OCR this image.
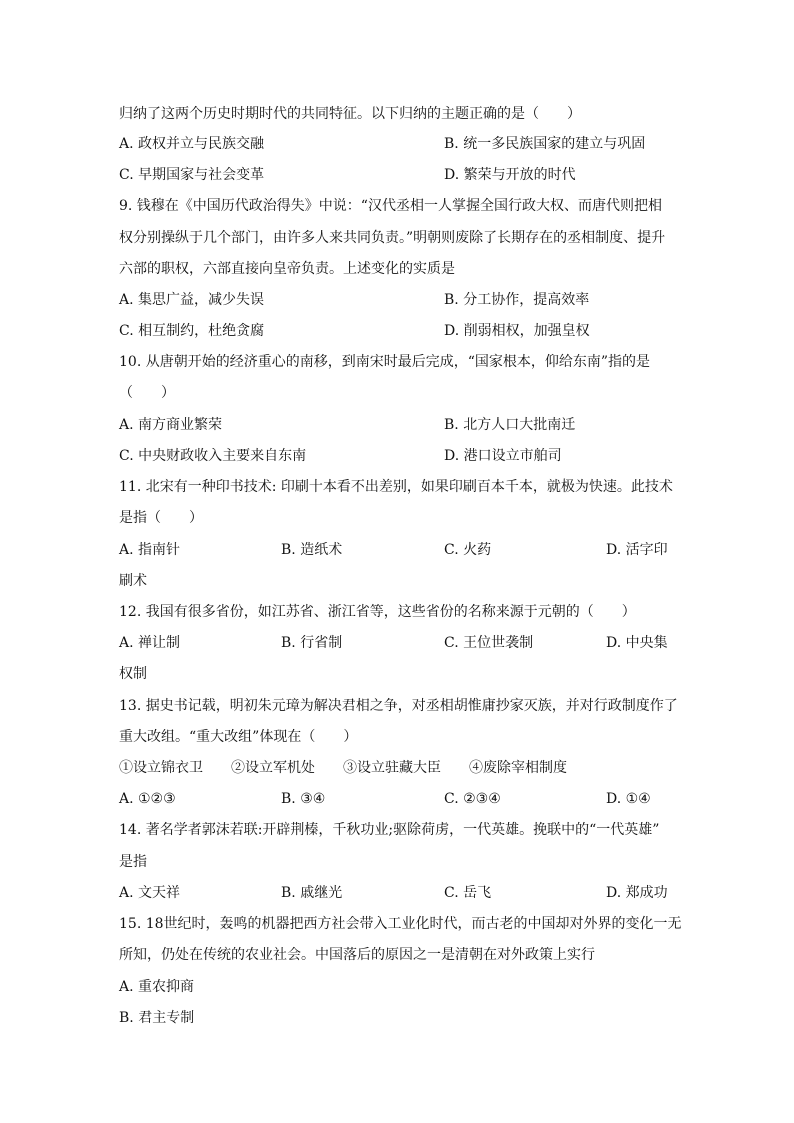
归纳了这两个历史时期时代的共同特征。以下归纳的主题正确的是（　　）
A. 政权并立与民族交融	B. 统一多民族国家的建立与巩固
C. 早期国家与社会变革	D. 繁荣与开放的时代
9. 钱穆在《中国历代政治得失》中说：“汉代丞相一人掌握全国行政大权、而唐代则把相
权分别操纵于几个部门，由许多人来共同负责。”明朝则废除了长期存在的丞相制度、提升
六部的职权，六部直接向皇帝负责。上述变化的实质是
A. 集思广益，减少失误	B. 分工协作，提高效率
C. 相互制约，杜绝贪腐	D. 削弱相权，加强皇权
10. 从唐朝开始的经济重心的南移，到南宋时最后完成，“国家根本，仰给东南”指的是
（　　）
A. 南方商业繁荣	B. 北方人口大批南迁
C. 中央财政收入主要来自东南	D. 港口设立市舶司
11. 北宋有一种印书技术: 印刷十本看不出差别，如果印刷百本千本，就极为快速。此技术
是指（　　）
A. 指南针	B. 造纸术	C. 火药	D. 活字印
刷术
12. 我国有很多省份，如江苏省、浙江省等，这些省份的名称来源于元朝的（　　）
A. 禅让制	B. 行省制	C. 王位世袭制	D. 中央集
权制
13. 据史书记载，明初朱元璋为解决君相之争，对丞相胡惟庸抄家灭族，并对行政制度作了
重大改组。“重大改组”体现在（　　）
①设立锦衣卫　　②设立军机处　　③设立驻藏大臣　　④废除宰相制度
A. ①②③	B. ③④	C. ②③④	D. ①④
14. 著名学者郭沫若联:开辟荆榛，千秋功业;驱除荷虏，一代英雄。挽联中的“一代英雄”
是指
A. 文天祥	B. 戚继光	C. 岳飞	D. 郑成功
15. 18世纪时，轰鸣的机器把西方社会带入工业化时代，而古老的中国却对外界的变化一无
所知，仍处在传统的农业社会。中国落后的原因之一是清朝在对外政策上实行
A. 重农抑商
B. 君主专制
